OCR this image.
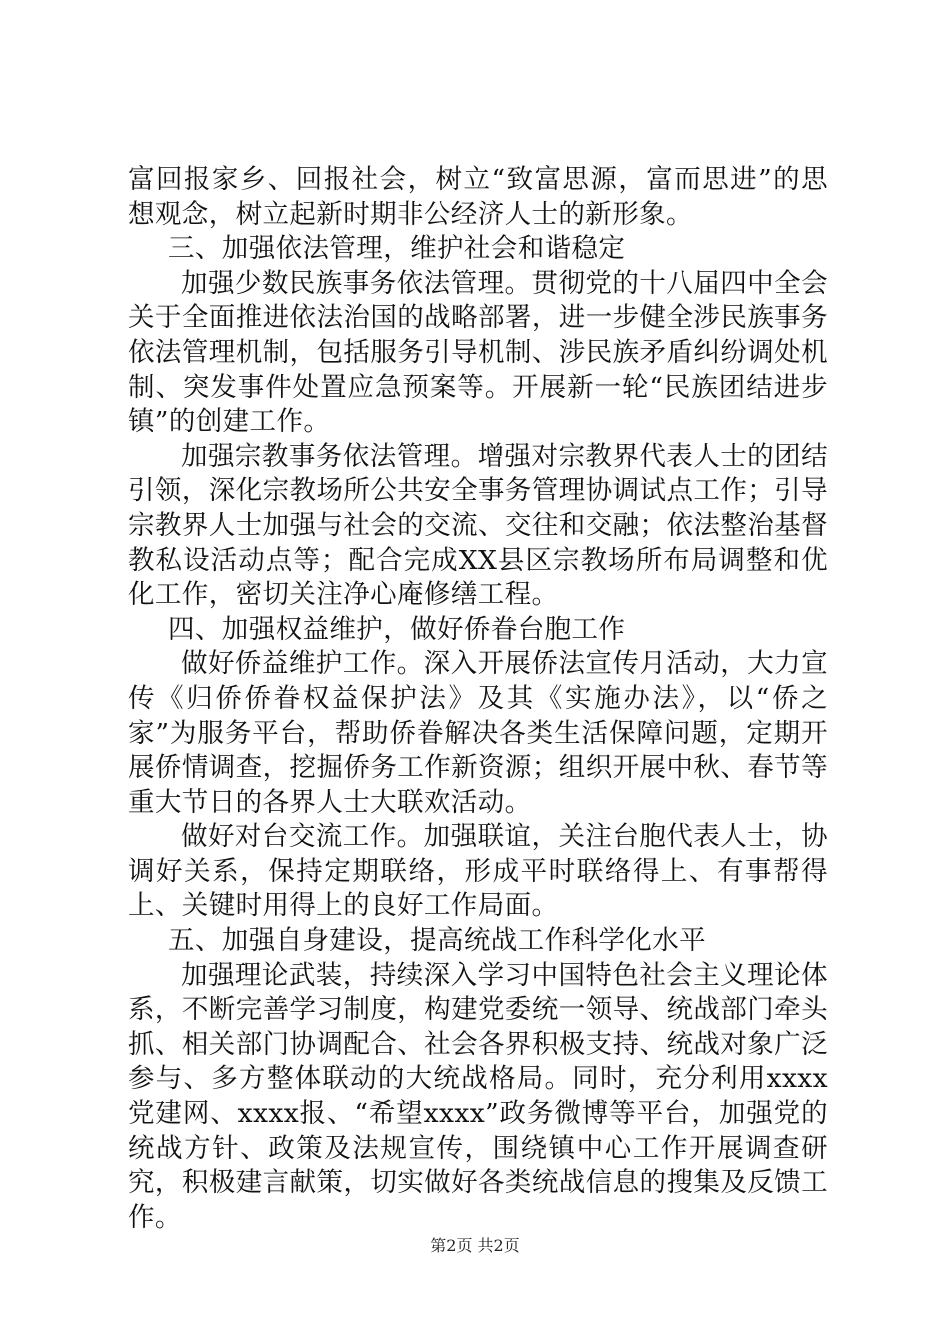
富回报家乡、回报社会，树立“致富思源，富而思进”的思想观念，树立起新时期非公经济人士的新形象。

三、加强依法管理，维护社会和谐稳定

加强少数民族事务依法管理。贯彻党的十八届四中全会关于全面推进依法治国的战略部署，进一步健全涉民族事务依法管理机制，包括服务引导机制、涉民族矛盾纠纷调处机制、突发事件处置应急预案等。开展新一轮“民族团结进步镇”的创建工作。

加强宗教事务依法管理。增强对宗教界代表人士的团结引领，深化宗教场所公共安全事务管理协调试点工作；引导宗教界人士加强与社会的交流、交往和交融；依法整治基督教私设活动点等；配合完成XX县区宗教场所布局调整和优化工作，密切关注净心庵修缮工程。

四、加强权益维护，做好侨眷台胞工作

做好侨益维护工作。深入开展侨法宣传月活动，大力宣传《归侨侨眷权益保护法》及其《实施办法》，以“侨之家”为服务平台，帮助侨眷解决各类生活保障问题，定期开展侨情调查，挖掘侨务工作新资源；组织开展中秋、春节等重大节日的各界人士大联欢活动。

做好对台交流工作。加强联谊，关注台胞代表人士，协调好关系，保持定期联络，形成平时联络得上、有事帮得上、关键时用得上的良好工作局面。

五、加强自身建设，提高统战工作科学化水平

加强理论武装，持续深入学习中国特色社会主义理论体系，不断完善学习制度，构建党委统一领导、统战部门牵头抓、相关部门协调配合、社会各界积极支持、统战对象广泛参与、多方整体联动的大统战格局。同时，充分利用xxxx党建网、xxxx报、“希望xxxx”政务微博等平台，加强党的统战方针、政策及法规宣传，围绕镇中心工作开展调查研究，积极建言献策，切实做好各类统战信息的搜集及反馈工作。

第2页 共2页
